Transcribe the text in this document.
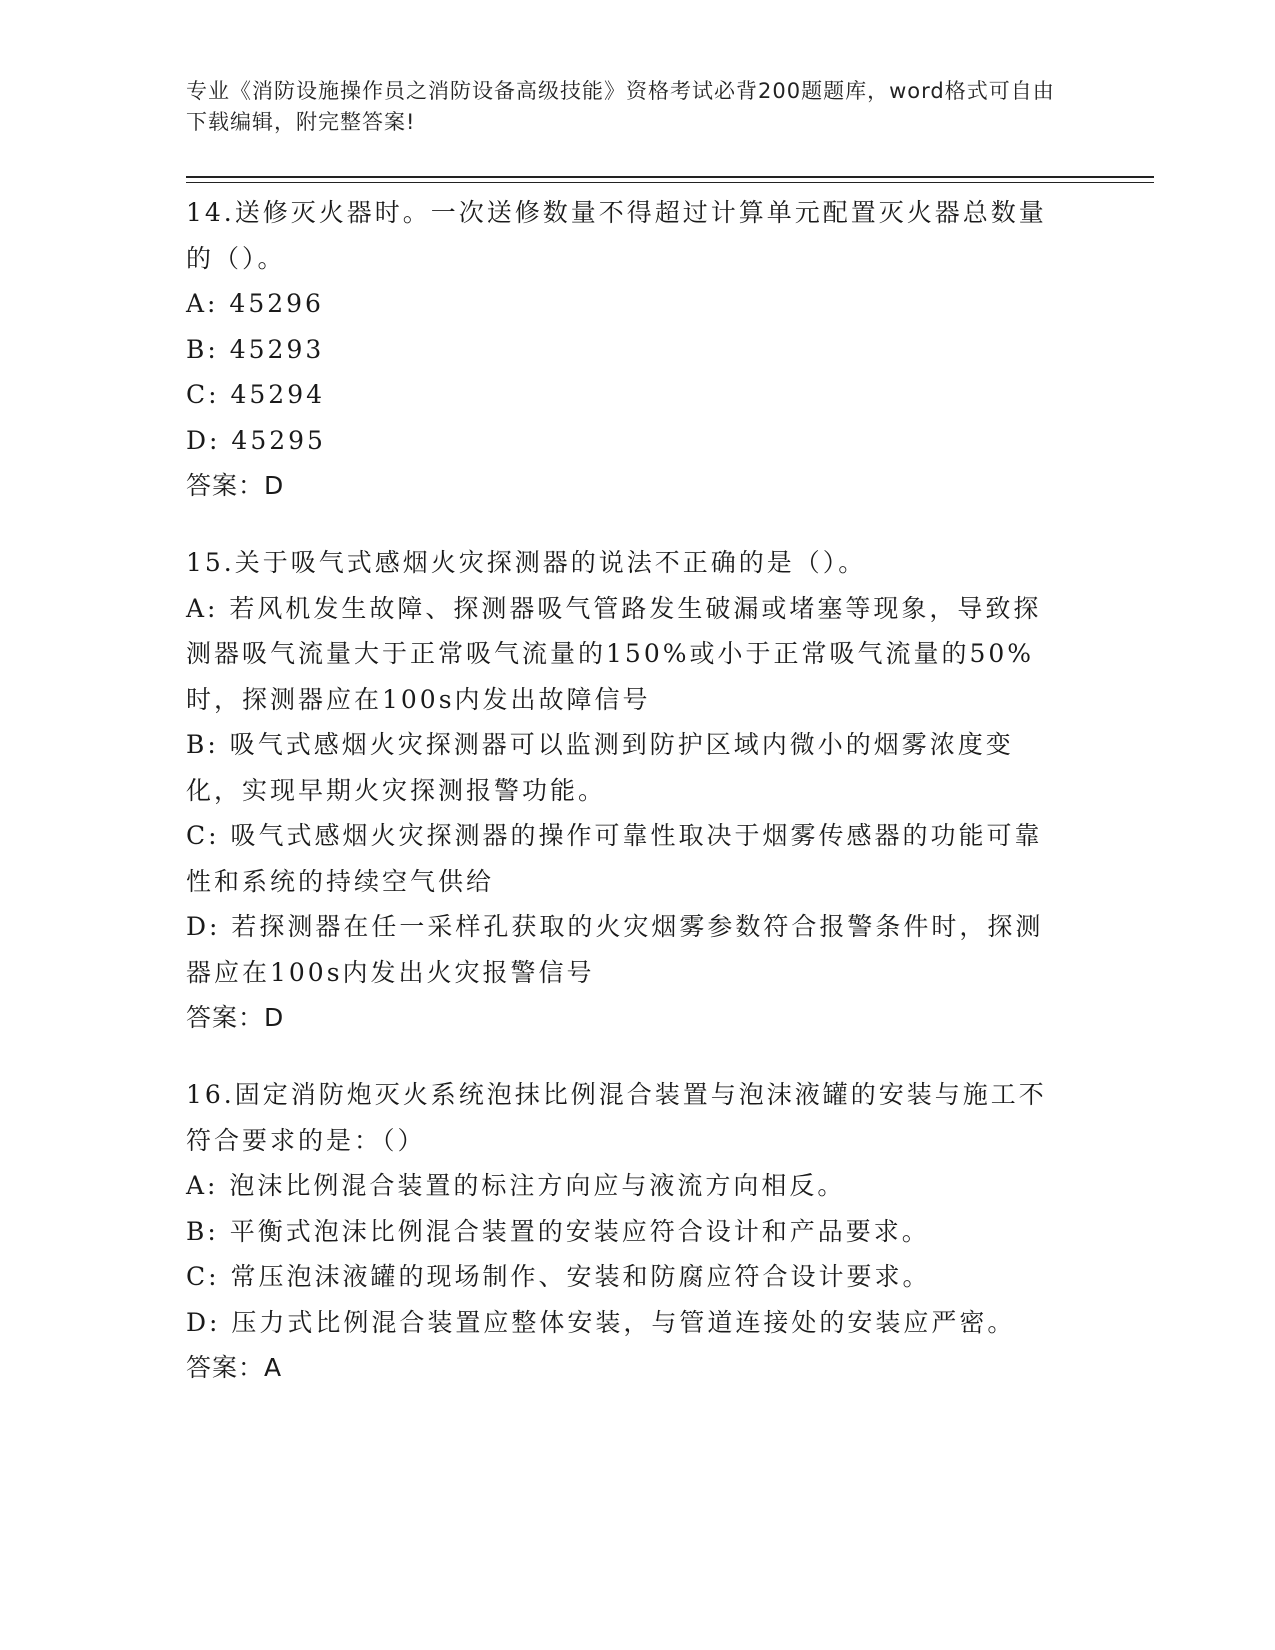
专业《消防设施操作员之消防设备高级技能》资格考试必背200题题库，word格式可自由下载编辑，附完整答案!
14.送修灭火器时。一次送修数量不得超过计算单元配置灭火器总数量的（）。
A: 45296
B: 45293
C: 45294
D: 45295
答案：D
15.关于吸气式感烟火灾探测器的说法不正确的是（）。
A: 若风机发生故障、探测器吸气管路发生破漏或堵塞等现象，导致探测器吸气流量大于正常吸气流量的150%或小于正常吸气流量的50%时，探测器应在100s内发出故障信号
B: 吸气式感烟火灾探测器可以监测到防护区域内微小的烟雾浓度变化，实现早期火灾探测报警功能。
C: 吸气式感烟火灾探测器的操作可靠性取决于烟雾传感器的功能可靠性和系统的持续空气供给
D: 若探测器在任一采样孔获取的火灾烟雾参数符合报警条件时，探测器应在100s内发出火灾报警信号
答案：D
16.固定消防炮灭火系统泡抹比例混合装置与泡沫液罐的安装与施工不符合要求的是：（）
A: 泡沫比例混合装置的标注方向应与液流方向相反。
B: 平衡式泡沫比例混合装置的安装应符合设计和产品要求。
C: 常压泡沫液罐的现场制作、安装和防腐应符合设计要求。
D: 压力式比例混合装置应整体安装，与管道连接处的安装应严密。
答案：A
